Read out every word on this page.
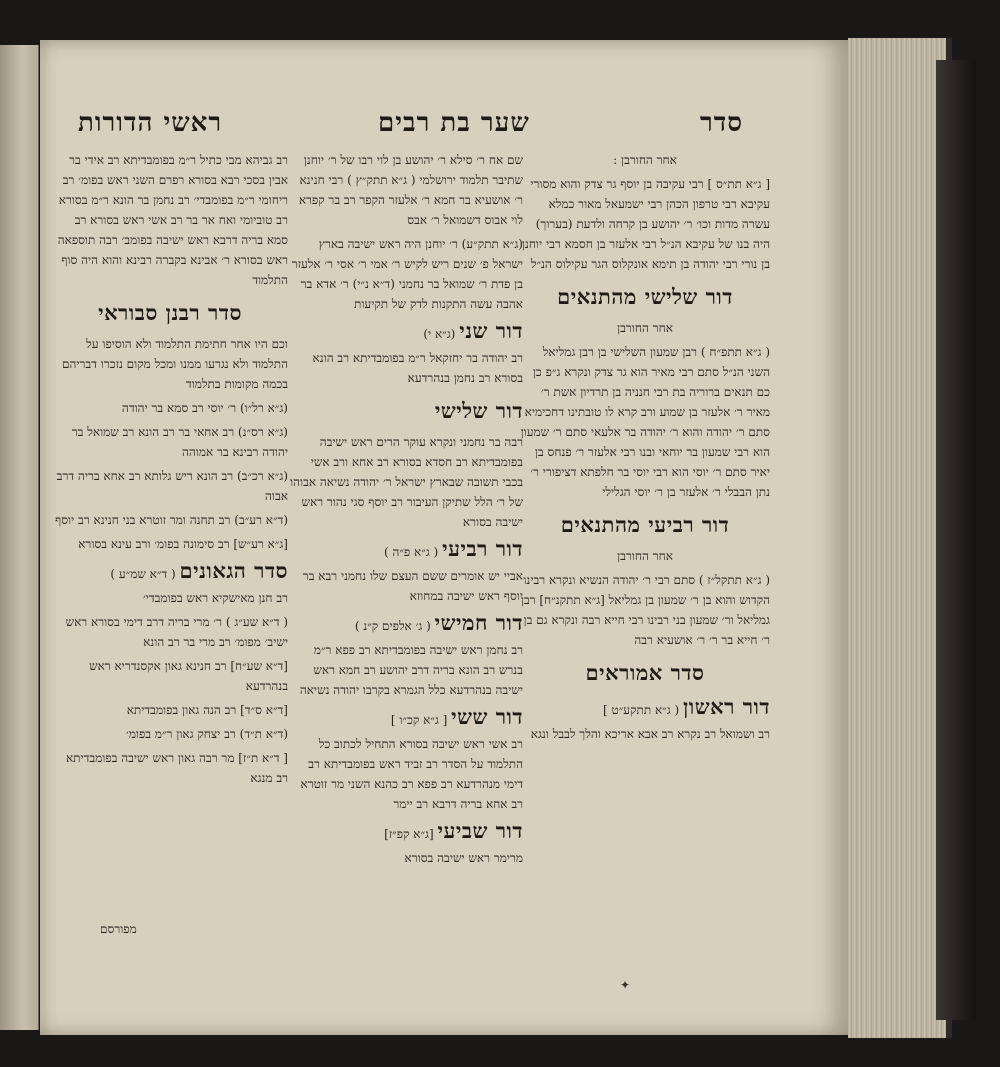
סדר
שער בת רבים
ראשי הדורות
אחר החורבן :
[ ג״א תת״ס ] רבי עקיבה בן יוסף גר צדק והוא מסורי עקיבא רבי טרפון הכהן רבי ישמעאל מאור כמלא עשרה מדות וכו׳ ר׳ יהושע בן קרחה ולדעת (בערוך) היה בנו של עקיבא הנ״ל רבי אלעזר בן חסמא רבי יוחנן בן נורי רבי יהודה בן תימא אונקלוס הגר עקילוס הנ״ל
דור שלישי מהתנאים
אחר החורבן
( ג״א תתפ״ח ) רבן שמעון השלישי בן רבן גמליאל השני הנ״ל סתם רבי מאיר הוא גר צדק ונקרא ג״פ כן כם תנאים ברוריה בת רבי חנניה בן תרדיון אשת ר׳ מאיר ר׳ אלעזר בן שמוע ורב קרא לו טובתינו דחכימיא סתם ר׳ יהודה והוא ר׳ יהודה בר אלעאי סתם ר׳ שמעון הוא רבי שמעון בר יוחאי ובנו רבי אלעזר ר׳ פנחס בן יאיר סתם ר׳ יוסי הוא רבי יוסי בר חלפתא דציפורי ר׳ נתן הבבלי ר׳ אלעזר בן ר׳ יוסי הגלילי
דור רביעי מהתנאים
אחר החורבן
( ג״א תתקל״ז ) סתם רבי ר׳ יהודה הנשיא ונקרא רבינו הקדוש והוא בן ר׳ שמעון בן גמליאל [ג״א תתקנ״ח] רבן גמליאל ור׳ שמעון בני רבינו רבי חייא רבה ונקרא גם בן ר׳ חייא בר ר׳ ר׳ אושעיא רבה
סדר אמוראים
דור ראשון ( ג״א תתקע״ט ]
רב ושמואל רב נקרא רב אבא אריכא והלך לבבל ונגא
שם אח ר׳ סילא ר׳ יהושע בן לוי רבו של ר׳ יוחנן שתיבר תלמוד ירושלמי ( ג״א תתק״ץ ) רבי חנינא ר׳ אושעיא בר חמא ר׳ אלעזר הקפר רב בר קפרא לוי אבוס דשמואל ר׳ אבס
(ג״א תתק״ע) ר׳ יוחנן היה ראש ישיבה בארץ ישראל פ׳ שנים ריש לקיש ר׳ אמי ר׳ אסי ר׳ אלעזר בן פדת ר׳ שמואל בר נחמני (ד״א נ״י) ר׳ אדא בר אהבה עשה התקנות לדק של תקיעות
דור שני (ג״א י)
רב יהודה בר יחזקאל ר״מ בפומבדיתא רב הונא בסורא רב נחמן בנהרדעא
דור שלישי
רבה בר נחמני ונקרא עוקר הרים ראש ישיבה בפומבדיתא רב חסדא בסורא רב אחא ורב אשי בכבי תשובה שבארץ ישראל ר׳ יהודה נשיאה אבוהו של ר׳ הלל שתיקן העיבור רב יוסף סגי נהור ראש ישיבה בסורא
דור רביעי ( ג״א פ״ה )
אביי יש אומרים ששם העצם שלו נחמני רבא בר יוסף ראש ישיבה במחוזא
דור חמישי ( ג׳ אלפים ק״נ )
רב נחמן ראש ישיבה בפומבדיתא רב פפא ר״מ בנרש רב הונא בריה דרב יהושע רב חמא ראש ישיבה בנהרדעא כלל הגמרא בקרבו יהודה נשיאה
דור ששי [ ג״א קכ״ו ]
רב אשי ראש ישיבה בסורא התחיל לכתוב כל התלמוד על הסדר רב זביד ראש בפומבדיתא רב דימי מנהרדעא רב פפא רב כהנא השני מר זוטרא רב אחא בריה דרבא רב יימר
דור שביעי [ג״א קפ״ז]
מרימר ראש ישיבה בסורא
רב גביהא מבי כתיל ר״מ בפומבדיתא רב אידי בר אבין בסכי רבא בסורא רפרם השני ראש בפומ׳ רב ריחומי ר״מ בפומבדי׳ רב נחמן בר הונא ר״מ בסורא רב טוביומי ואח אר בר רב אשי ראש בסורא רב סמא בריה דרבא ראש ישיבה בפומב׳ רבה תוספאה ראש בסורא ר׳ אבינא בקברה רבינא והוא היה סוף התלמוד
סדר רבנן סבוראי
וכם היו אחר חתימת התלמוד ולא הוסיפו על התלמוד ולא נגרעו ממנו ומכל מקום נזכרו דבריהם בכמה מקומות בתלמוד
(ג״א רל״ו) ר׳ יוסי רב סמא בר יהודה
(ג״א רס״נ) רב אחאי בר רב הונא רב שמואל בר יהודה רבינא בר אמוהה
(ג״א רכ״ב) רב הונא ריש גלותא רב אחא בריה דרב אבוה
(ד״א רע״ב) רב תחנה ומר זוטרא בני חנינא רב יוסף
[ג״א רע״ש] רב סימונה בפומ׳ ורב עינא בסורא
סדר הגאונים ( ד״א שמ״ע )
רב חנן מאישקיא ראש בפומבדי׳
( ד״א שע״ג ) ר׳ מרי בריה דרב דימי בסורא ראש ישיב׳ מפומ׳ רב מרי בר רב הונא
[ד״א שע״ח] רב חנינא גאון אקסנדריא ראש בנהרדעא
[ד״א ס״ד] רב הנה גאון בפומבדיתא
(ד״א ת״ד) רב יצחק גאון ר״מ בפומ׳
[ ד״א ת״ז] מר רבה גאון ראש ישיבה בפומבדיתא רב מנגא
מפורסם
✦
